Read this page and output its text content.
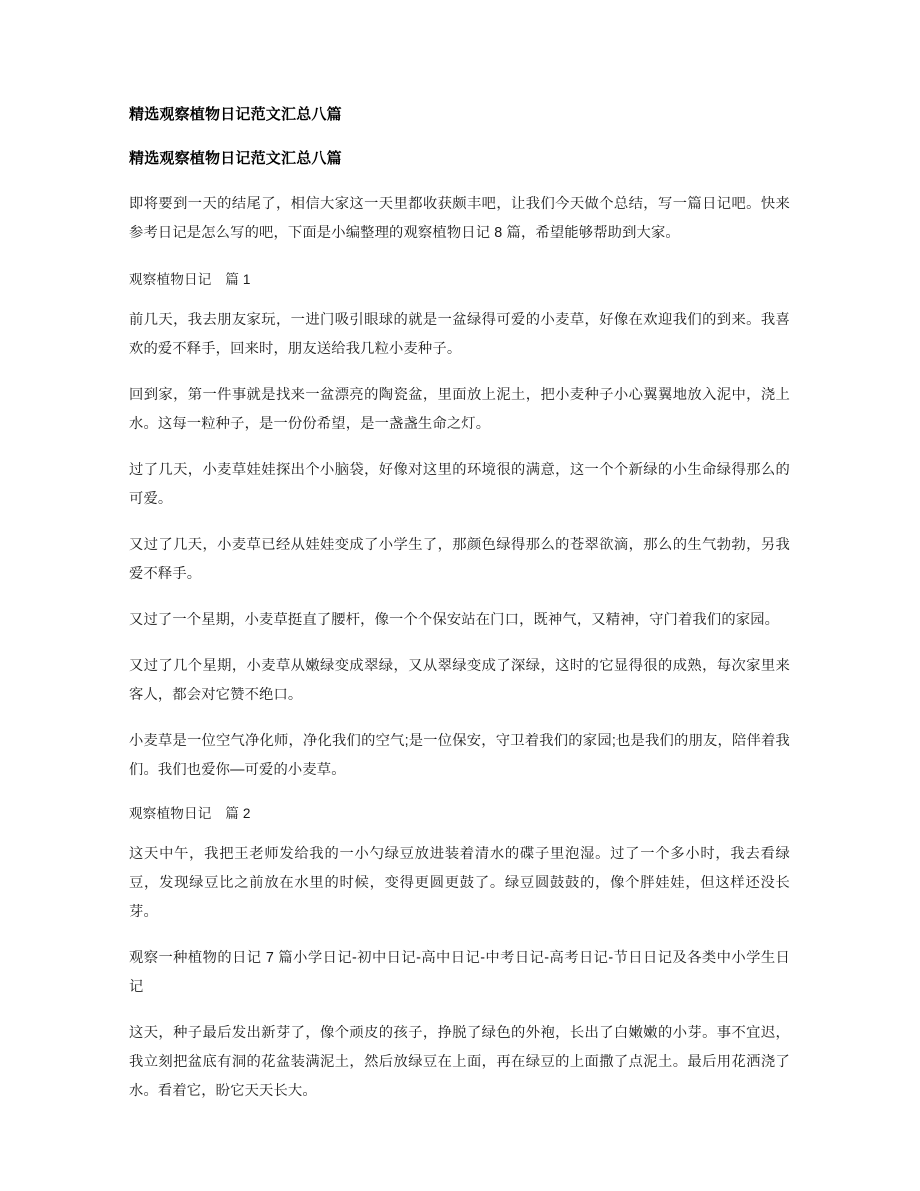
精选观察植物日记范文汇总八篇
精选观察植物日记范文汇总八篇

即将要到一天的结尾了，相信大家这一天里都收获颇丰吧，让我们今天做个总结，写一篇日记吧。快来参考日记是怎么写的吧，下面是小编整理的观察植物日记 8 篇，希望能够帮助到大家。

观察植物日记　篇 1

前几天，我去朋友家玩，一进门吸引眼球的就是一盆绿得可爱的小麦草，好像在欢迎我们的到来。我喜欢的爱不释手，回来时，朋友送给我几粒小麦种子。

回到家，第一件事就是找来一盆漂亮的陶瓷盆，里面放上泥土，把小麦种子小心翼翼地放入泥中，浇上水。这每一粒种子，是一份份希望，是一盏盏生命之灯。

过了几天，小麦草娃娃探出个小脑袋，好像对这里的环境很的满意，这一个个新绿的小生命绿得那么的可爱。

又过了几天，小麦草已经从娃娃变成了小学生了，那颜色绿得那么的苍翠欲滴，那么的生气勃勃，另我爱不释手。

又过了一个星期，小麦草挺直了腰杆，像一个个保安站在门口，既神气，又精神，守门着我们的家园。

又过了几个星期，小麦草从嫩绿变成翠绿，又从翠绿变成了深绿，这时的它显得很的成熟，每次家里来客人，都会对它赞不绝口。

小麦草是一位空气净化师，净化我们的空气;是一位保安，守卫着我们的家园;也是我们的朋友，陪伴着我们。我们也爱你—可爱的小麦草。

观察植物日记　篇 2

这天中午，我把王老师发给我的一小勺绿豆放进装着清水的碟子里泡湿。过了一个多小时，我去看绿豆，发现绿豆比之前放在水里的时候，变得更圆更鼓了。绿豆圆鼓鼓的，像个胖娃娃，但这样还没长芽。

观察一种植物的日记 7 篇小学日记-初中日记-高中日记-中考日记-高考日记-节日日记及各类中小学生日记

这天，种子最后发出新芽了，像个顽皮的孩子，挣脱了绿色的外袍，长出了白嫩嫩的小芽。事不宜迟，我立刻把盆底有洞的花盆装满泥土，然后放绿豆在上面，再在绿豆的上面撒了点泥土。最后用花洒浇了水。看着它，盼它天天长大。
